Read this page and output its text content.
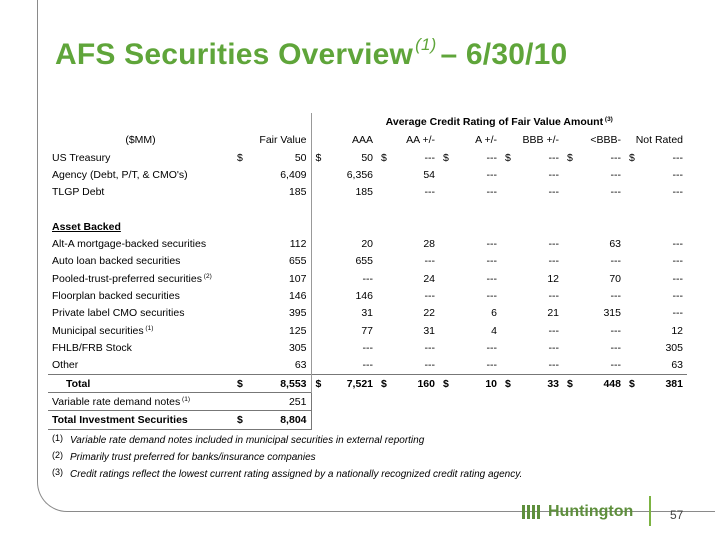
AFS Securities Overview $^{(1)}$ – 6/30/10
			Average Credit Rating of Fair Value Amount $^{(3)}$
($MM)	Fair Value		AAA		AA +/-		A +/-		BBB +/-		<BBB-		Not Rated	
US Treasury	$	50	$	50	$	---	$	---	$	---	$	---	$	---
Agency (Debt, P/T, & CMO's)		6,409		6,356		54		---		---		---		---
TLGP Debt		185		185		---		---		---		---		---

Asset Backed														
Alt-A mortgage-backed securities		112		20		28		---		---		63		---
Auto loan backed securities		655		655		---		---		---		---		---
Pooled-trust-preferred securities $^{(2)}$		107		---		24		---		12		70		---
Floorplan backed securities		146		146		---		---		---		---		---
Private label CMO securities		395		31		22		6		21		315		---
Municipal securities $^{(1)}$		125		77		31		4		---		---		12
FHLB/FRB Stock		305		---		---		---		---		---		305
Other		63		---		---		---		---		---		63
Total	$	8,553	$	7,521	$	160	$	10	$	33	$	448	$	381
Variable rate demand notes $^{(1)}$		251												
Total Investment Securities	$	8,804												
(1) Variable rate demand notes included in municipal securities in external reporting
(2) Primarily trust preferred for banks/insurance companies
(3) Credit ratings reflect the lowest current rating assigned by a nationally recognized credit rating agency.
Huntington	57
